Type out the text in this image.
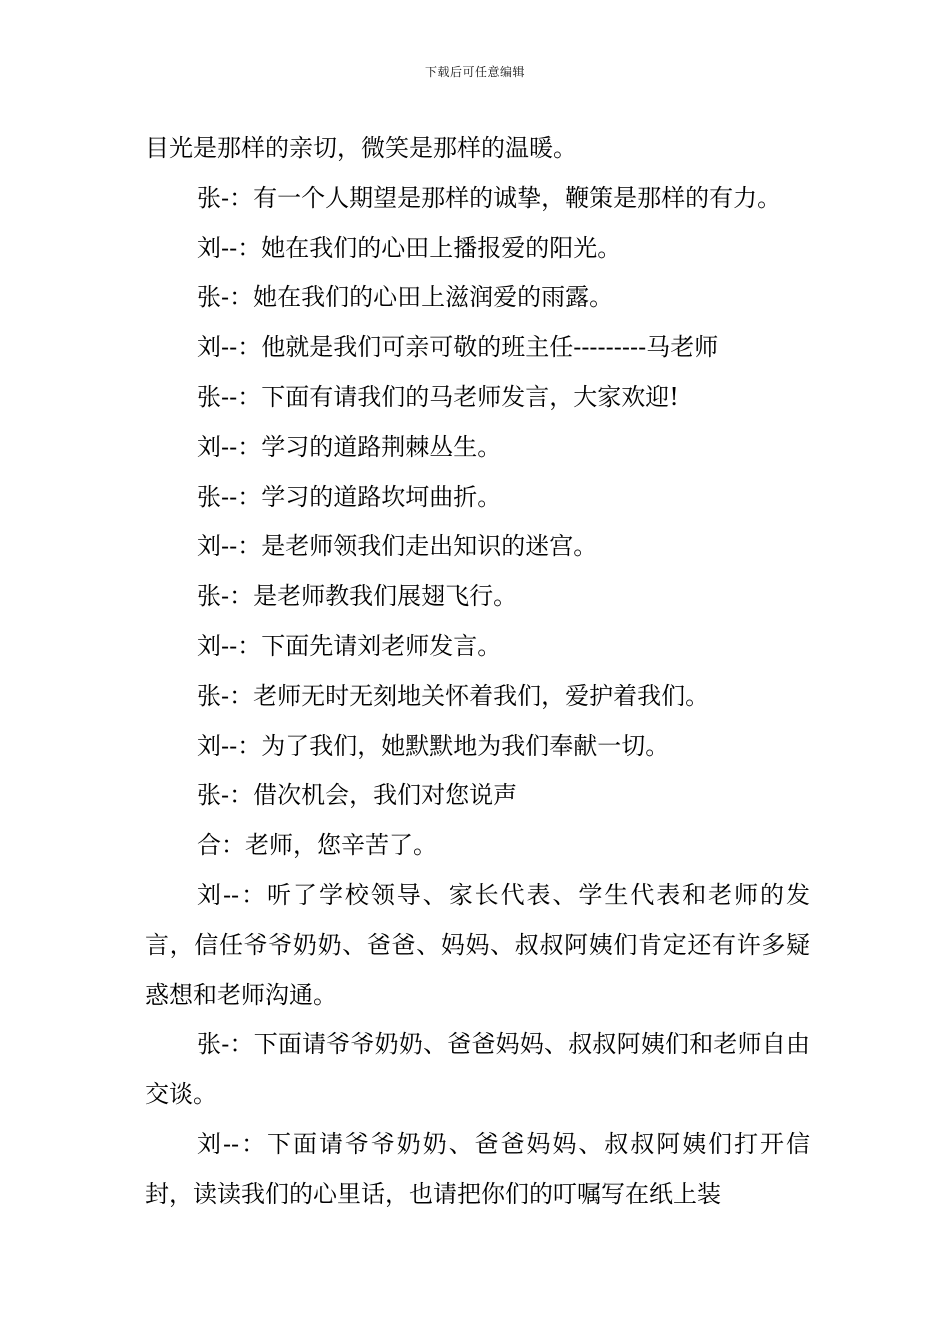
下载后可任意编辑

目光是那样的亲切，微笑是那样的温暖。

张-：有一个人期望是那样的诚挚，鞭策是那样的有力。

刘--：她在我们的心田上播报爱的阳光。

张-：她在我们的心田上滋润爱的雨露。

刘--：他就是我们可亲可敬的班主任---------马老师

张--：下面有请我们的马老师发言，大家欢迎!

刘--：学习的道路荆棘丛生。

张--：学习的道路坎坷曲折。

刘--：是老师领我们走出知识的迷宫。

张-：是老师教我们展翅飞行。

刘--：下面先请刘老师发言。

张-：老师无时无刻地关怀着我们，爱护着我们。

刘--：为了我们，她默默地为我们奉献一切。

张-：借次机会，我们对您说声

合：老师，您辛苦了。

刘--：听了学校领导、家长代表、学生代表和老师的发言，信任爷爷奶奶、爸爸、妈妈、叔叔阿姨们肯定还有许多疑惑想和老师沟通。

张-：下面请爷爷奶奶、爸爸妈妈、叔叔阿姨们和老师自由交谈。

刘--：下面请爷爷奶奶、爸爸妈妈、叔叔阿姨们打开信封，读读我们的心里话，也请把你们的叮嘱写在纸上装
